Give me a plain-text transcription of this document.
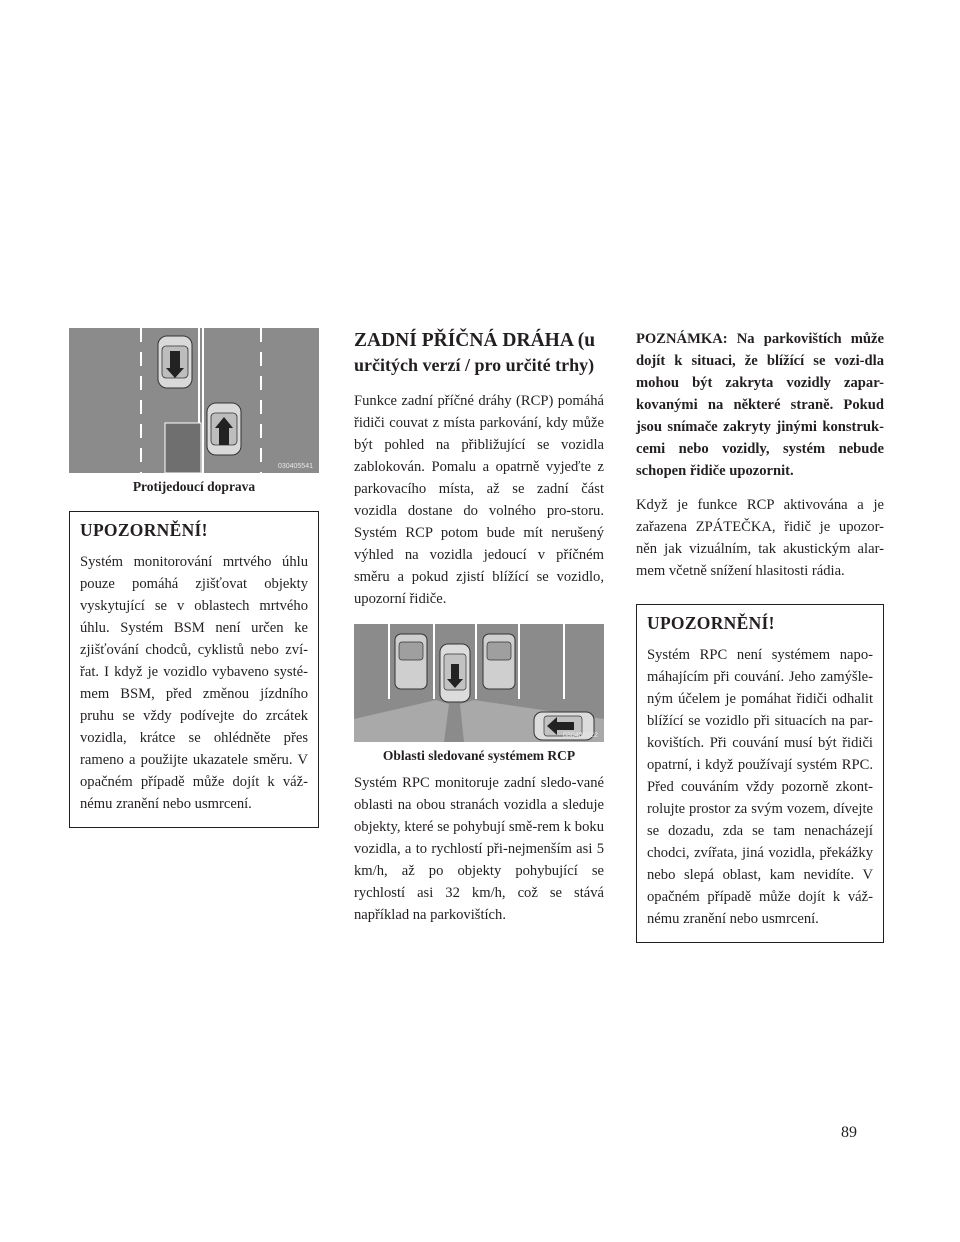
030405541
Protijedoucí doprava
UPOZORNĚNÍ!

Systém monitorování mrtvého úhlu pouze pomáhá zjišťovat objekty vyskytující se v oblastech mrtvého úhlu. Systém BSM není určen ke zjišťování chodců, cyklistů nebo zví-řat. I když je vozidlo vybaveno systé-mem BSM, před změnou jízdního pruhu se vždy podívejte do zrcátek vozidla, krátce se ohlédněte přes rameno a použijte ukazatele směru. V opačném případě může dojít k váž-nému zranění nebo usmrcení.

ZADNÍ PŘÍČNÁ DRÁHA (u
určitých verzí / pro určité trhy)

Funkce zadní příčné dráhy (RCP) pomáhá řidiči couvat z místa parkování, kdy může být pohled na přibližující se vozidla zablokován. Pomalu a opatrně vyjeďte z parkovacího místa, až se zadní část vozidla dostane do volného pro-storu. Systém RCP potom bude mít nerušený výhled na vozidla jedoucí v příčném směru a pokud zjistí blížící se vozidlo, upozorní řidiče.

030405522
Oblasti sledované systémem RCP

Systém RPC monitoruje zadní sledo-vané oblasti na obou stranách vozidla a sleduje objekty, které se pohybují smě-rem k boku vozidla, a to rychlostí při-nejmenším asi 5 km/h, až po objekty pohybující se rychlostí asi 32 km/h, což se stává například na parkovištích.

POZNÁMKA: Na parkovištích může dojít k situaci, že blížící se vozi-dla mohou být zakryta vozidly zapar-kovanými na některé straně. Pokud jsou snímače zakryty jinými konstruk-cemi nebo vozidly, systém nebude schopen řidiče upozornit.

Když je funkce RCP aktivována a je zařazena ZPÁTEČKA, řidič je upozor-něn jak vizuálním, tak akustickým alar-mem včetně snížení hlasitosti rádia.

UPOZORNĚNÍ!

Systém RPC není systémem napo-máhajícím při couvání. Jeho zamýšle-ným účelem je pomáhat řidiči odhalit blížící se vozidlo při situacích na par-kovištích. Při couvání musí být řidiči opatrní, i když používají systém RPC. Před couváním vždy pozorně zkont-rolujte prostor za svým vozem, dívejte se dozadu, zda se tam nenacházejí chodci, zvířata, jiná vozidla, překážky nebo slepá oblast, kam nevidíte. V opačném případě může dojít k váž-nému zranění nebo usmrcení.

89
